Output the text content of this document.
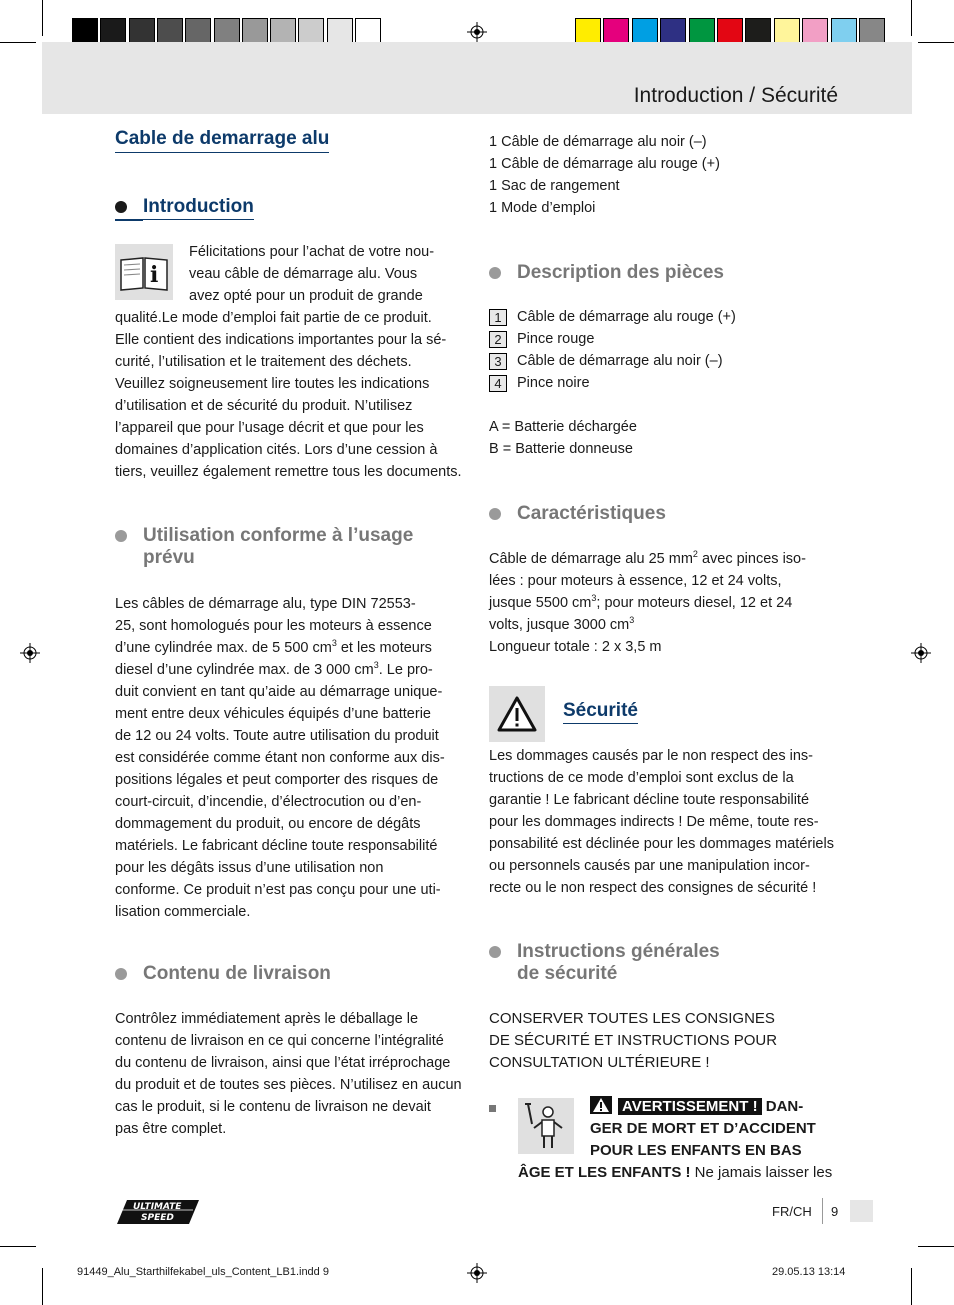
Introduction / Sécurité
Cable de demarrage alu
Introduction
i
Félicitations pour l’achat de votre nou-
veau câble de démarrage alu. Vous
avez opté pour un produit de grande
qualité.Le mode d’emploi fait partie de ce produit.
Elle contient des indications importantes pour la sé-
curité, l’utilisation et le traitement des déchets.
Veuillez soigneusement lire toutes les indications
d’utilisation et de sécurité du produit. N’utilisez
l’appareil que pour l’usage décrit et que pour les
domaines d’application cités. Lors d’une cession à
tiers, veuillez également remettre tous les documents.
Utilisation conforme à l’usage
prévu
Les câbles de démarrage alu, type DIN 72553-
25, sont homologués pour les moteurs à essence
d’une cylindrée max. de 5 500 $cm^3$ et les moteurs
diesel d’une cylindrée max. de 3 000 $cm^3$. Le pro-
duit convient en tant qu’aide au démarrage unique-
ment entre deux véhicules équipés d’une batterie
de 12 ou 24 volts. Toute autre utilisation du produit
est considérée comme étant non conforme aux dis-
positions légales et peut comporter des risques de
court-circuit, d’incendie, d’électrocution ou d’en-
dommagement du produit, ou encore de dégâts
matériels. Le fabricant décline toute responsabilité
pour les dégâts issus d’une utilisation non
conforme. Ce produit n’est pas conçu pour une uti-
lisation commerciale.
Contenu de livraison
Contrôlez immédiatement après le déballage le
contenu de livraison en ce qui concerne l’intégralité
du contenu de livraison, ainsi que l’état irréprochage
du produit et de toutes ses pièces. N’utilisez en aucun
cas le produit, si le contenu de livraison ne devait
pas être complet.
1 Câble de démarrage alu noir (–)
1 Câble de démarrage alu rouge (+)
1 Sac de rangement
1 Mode d’emploi
Description des pièces
1
2
3
4
Câble de démarrage alu rouge (+)
Pince rouge
Câble de démarrage alu noir (–)
Pince noire
A = Batterie déchargée
B = Batterie donneuse
Caractéristiques
Câble de démarrage alu 25 $mm^2$ avec pinces iso-
lées : pour moteurs à essence, 12 et 24 volts,
jusque 5500 $cm^3$; pour moteurs diesel, 12 et 24
volts, jusque 3000 $cm^3$
Longueur totale : 2 x 3,5 m
Sécurité
Les dommages causés par le non respect des ins-
tructions de ce mode d’emploi sont exclus de la
garantie ! Le fabricant décline toute responsabilité
pour les dommages indirects ! De même, toute res-
ponsabilité est déclinée pour les dommages matériels
ou personnels causés par une manipulation incor-
recte ou le non respect des consignes de sécurité !
Instructions générales
de sécurité
CONSERVER TOUTES LES CONSIGNES
DE SÉCURITÉ ET INSTRUCTIONS POUR
CONSULTATION ULTÉRIEURE !
AVERTISSEMENT ! DAN-
GER DE MORT ET D’ACCIDENT
POUR LES ENFANTS EN BAS
ÂGE ET LES ENFANTS ! Ne jamais laisser les
ULTIMATE
SPEED	FR/CH 9
91449_Alu_Starthilfekabel_uls_Content_LB1.indd 9	29.05.13 13:14
